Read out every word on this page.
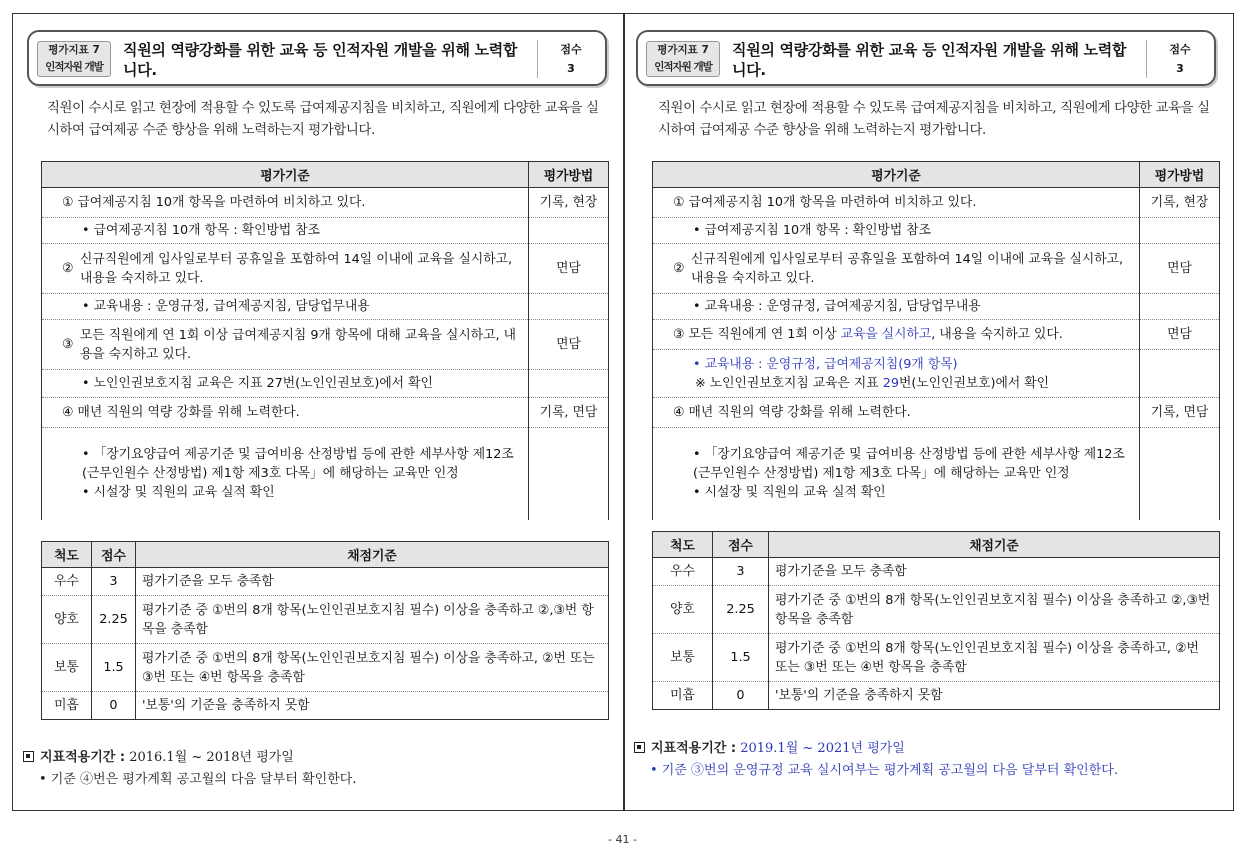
평가지표 7
인적자원 개발
직원의 역량강화를 위한 교육 등 인적자원 개발을 위해 노력합니다.
점수
3
직원이 수시로 읽고 현장에 적용할 수 있도록 급여제공지침을 비치하고, 직원에게 다양한 교육을 실시하여 급여제공 수준 향상을 위해 노력하는지 평가합니다.
평가기준	평가방법
① 급여제공지침 10개 항목을 마련하여 비치하고 있다.	기록, 현장
• 급여제공지침 10개 항목 : 확인방법 참조	

②
신규직원에게 입사일로부터 공휴일을 포함하여 14일 이내에 교육을 실시하고, 내용을 숙지하고 있다.	면담
• 교육내용 : 운영규정, 급여제공지침, 담당업무내용	

③
모든 직원에게 연 1회 이상 급여제공지침 9개 항목에 대해 교육을 실시하고, 내용을 숙지하고 있다.	면담
• 노인인권보호지침 교육은 지표 27번(노인인권보호)에서 확인	
④ 매년 직원의 역량 강화를 위해 노력한다.	기록, 면담

• 「장기요양급여 제공기준 및 급여비용 산정방법 등에 관한 세부사항 제12조(근무인원수 산정방법) 제1항 제3호 다목」에 해당하는 교육만 인정
• 시설장 및 직원의 교육 실적 확인	

척도	점수	채점기준
우수	3	평가기준을 모두 충족함
양호	2.25	평가기준 중 ①번의 8개 항목(노인인권보호지침 필수) 이상을 충족하고 ②,③번 항목을 충족함
보통	1.5	평가기준 중 ①번의 8개 항목(노인인권보호지침 필수) 이상을 충족하고, ②번 또는 ③번 또는 ④번 항목을 충족함
미흡	0	'보통'의 기준을 충족하지 못함
지표적용기간 : 2016.1월 ~ 2018년 평가일
• 기준 ④번은 평가계획 공고월의 다음 달부터 확인한다.
평가지표 7
인적자원 개발
직원의 역량강화를 위한 교육 등 인적자원 개발을 위해 노력합니다.
점수
3
직원이 수시로 읽고 현장에 적용할 수 있도록 급여제공지침을 비치하고, 직원에게 다양한 교육을 실시하여 급여제공 수준 향상을 위해 노력하는지 평가합니다.
평가기준	평가방법
① 급여제공지침 10개 항목을 마련하여 비치하고 있다.	기록, 현장
• 급여제공지침 10개 항목 : 확인방법 참조	

②
신규직원에게 입사일로부터 공휴일을 포함하여 14일 이내에 교육을 실시하고, 내용을 숙지하고 있다.	면담
• 교육내용 : 운영규정, 급여제공지침, 담당업무내용	
③ 모든 직원에게 연 1회 이상 교육을 실시하고, 내용을 숙지하고 있다.	면담

• 교육내용 : 운영규정, 급여제공지침(9개 항목)
※ 노인인권보호지침 교육은 지표 29번(노인인권보호)에서 확인	

④ 매년 직원의 역량 강화를 위해 노력한다.	기록, 면담

• 「장기요양급여 제공기준 및 급여비용 산정방법 등에 관한 세부사항 제12조(근무인원수 산정방법) 제1항 제3호 다목」에 해당하는 교육만 인정
• 시설장 및 직원의 교육 실적 확인	

척도	점수	채점기준
우수	3	평가기준을 모두 충족함
양호	2.25	평가기준 중 ①번의 8개 항목(노인인권보호지침 필수) 이상을 충족하고 ②,③번 항목을 충족함
보통	1.5	평가기준 중 ①번의 8개 항목(노인인권보호지침 필수) 이상을 충족하고, ②번 또는 ③번 또는 ④번 항목을 충족함
미흡	0	'보통'의 기준을 충족하지 못함
지표적용기간 : 2019.1월 ~ 2021년 평가일
• 기준 ③번의 운영규정 교육 실시여부는 평가계획 공고월의 다음 달부터 확인한다.
- 41 -
